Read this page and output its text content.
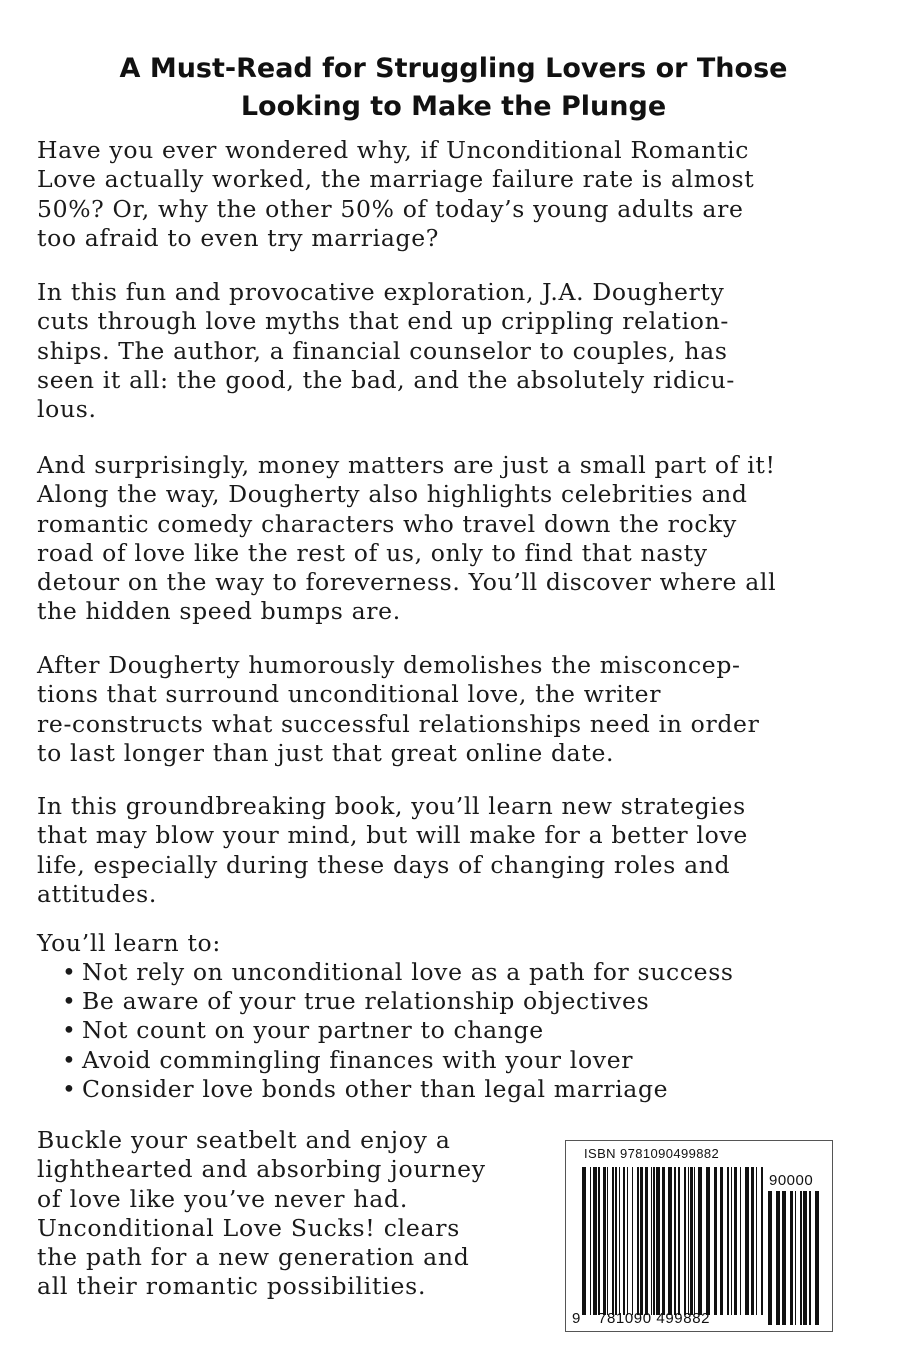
A Must-Read for Struggling Lovers or Those
Looking to Make the Plunge
Have you ever wondered why, if Unconditional Romantic
Love actually worked, the marriage failure rate is almost
50%? Or, why the other 50% of today’s young adults are
too afraid to even try marriage?
In this fun and provocative exploration, J.A. Dougherty
cuts through love myths that end up crippling relation-
ships. The author, a financial counselor to couples, has
seen it all: the good, the bad, and the absolutely ridicu-
lous.
And surprisingly, money matters are just a small part of it!
Along the way, Dougherty also highlights celebrities and
romantic comedy characters who travel down the rocky
road of love like the rest of us, only to find that nasty
detour on the way to foreverness. You’ll discover where all
the hidden speed bumps are.
After Dougherty humorously demolishes the misconcep-
tions that surround unconditional love, the writer
re-constructs what successful relationships need in order
to last longer than just that great online date.
In this groundbreaking book, you’ll learn new strategies
that may blow your mind, but will make for a better love
life, especially during these days of changing roles and
attitudes.
You’ll learn to:
• Not rely on unconditional love as a path for success
• Be aware of your true relationship objectives
• Not count on your partner to change
• Avoid commingling finances with your lover
• Consider love bonds other than legal marriage
Buckle your seatbelt and enjoy a
lighthearted and absorbing journey
of love like you’ve never had.
Unconditional Love Sucks! clears
the path for a new generation and
all their romantic possibilities.
ISBN 9781090499882
90000
9 781090 499882
